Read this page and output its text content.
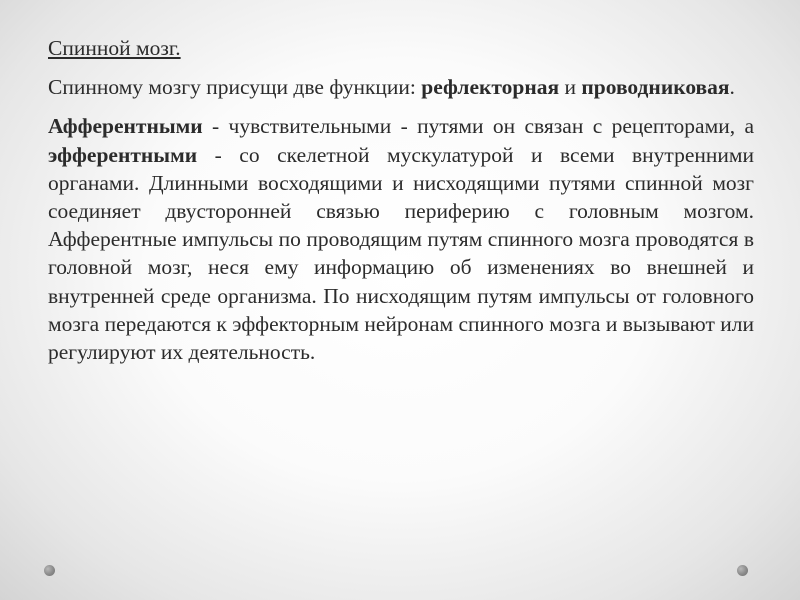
Спинной мозг.
Спинному мозгу присущи две функции: рефлекторная и проводниковая.
Афферентными - чувствительными - путями он связан с рецепторами, а эфферентными - со скелетной мускулатурой и всеми внутренними органами. Длинными восходящими и нисходящими путями спинной мозг соединяет двусторонней связью периферию с головным мозгом. Афферентные импульсы по проводящим путям спинного мозга проводятся в головной мозг, неся ему информацию об изменениях во внешней и внутренней среде организма. По нисходящим путям импульсы от головного мозга передаются к эффекторным нейронам спинного мозга и вызывают или регулируют их деятельность.
